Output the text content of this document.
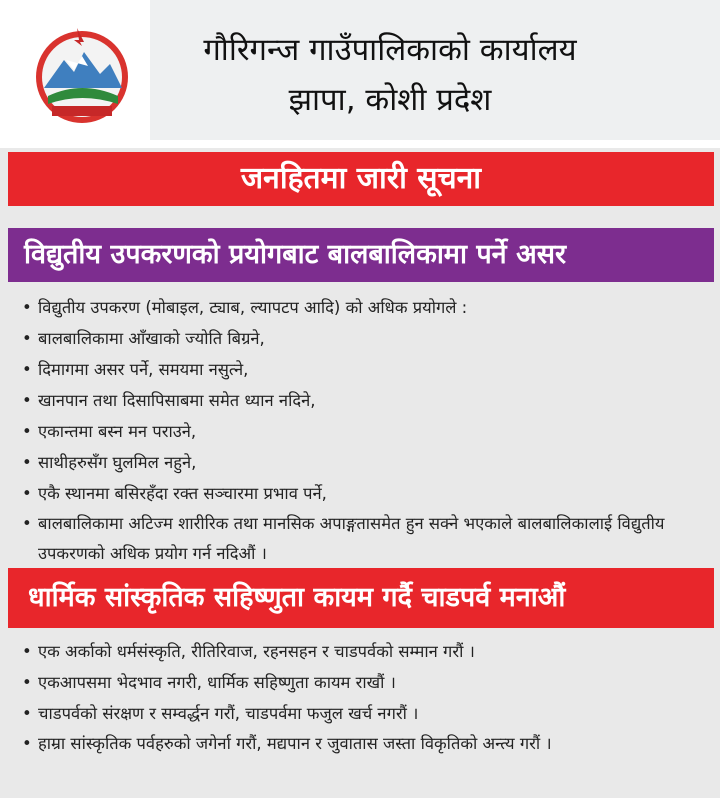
गौरिगन्ज गाउँपालिकाको कार्यालय
झापा, कोशी प्रदेश
जनहितमा जारी सूचना
विद्युतीय उपकरणको प्रयोगबाट बालबालिकामा पर्ने असर
• विद्युतीय उपकरण (मोबाइल, ट्याब, ल्यापटप आदि) को अधिक प्रयोगले :
• बालबालिकामा आँखाको ज्योति बिग्रने,
• दिमागमा असर पर्ने, समयमा नसुत्ने,
• खानपान तथा दिसापिसाबमा समेत ध्यान नदिने,
• एकान्तमा बस्न मन पराउने,
• साथीहरुसँग घुलमिल नहुने,
• एकै स्थानमा बसिरहँदा रक्त सञ्चारमा प्रभाव पर्ने,
• बालबालिकामा अटिज्म शारीरिक तथा मानसिक अपाङ्गतासमेत हुन सक्ने भएकाले बालबालिकालाई विद्युतीय उपकरणको अधिक प्रयोग गर्न नदिऔं ।
धार्मिक सांस्कृतिक सहिष्णुता कायम गर्दै चाडपर्व मनाऔं
• एक अर्काको धर्मसंस्कृति, रीतिरिवाज, रहनसहन र चाडपर्वको सम्मान गरौं ।
• एकआपसमा भेदभाव नगरी, धार्मिक सहिष्णुता कायम राखौं ।
• चाडपर्वको संरक्षण र सम्वर्द्धन गरौं, चाडपर्वमा फजुल खर्च नगरौं ।
• हाम्रा सांस्कृतिक पर्वहरुको जगेर्ना गरौं, मद्यपान र जुवातास जस्ता विकृतिको अन्त्य गरौं ।
